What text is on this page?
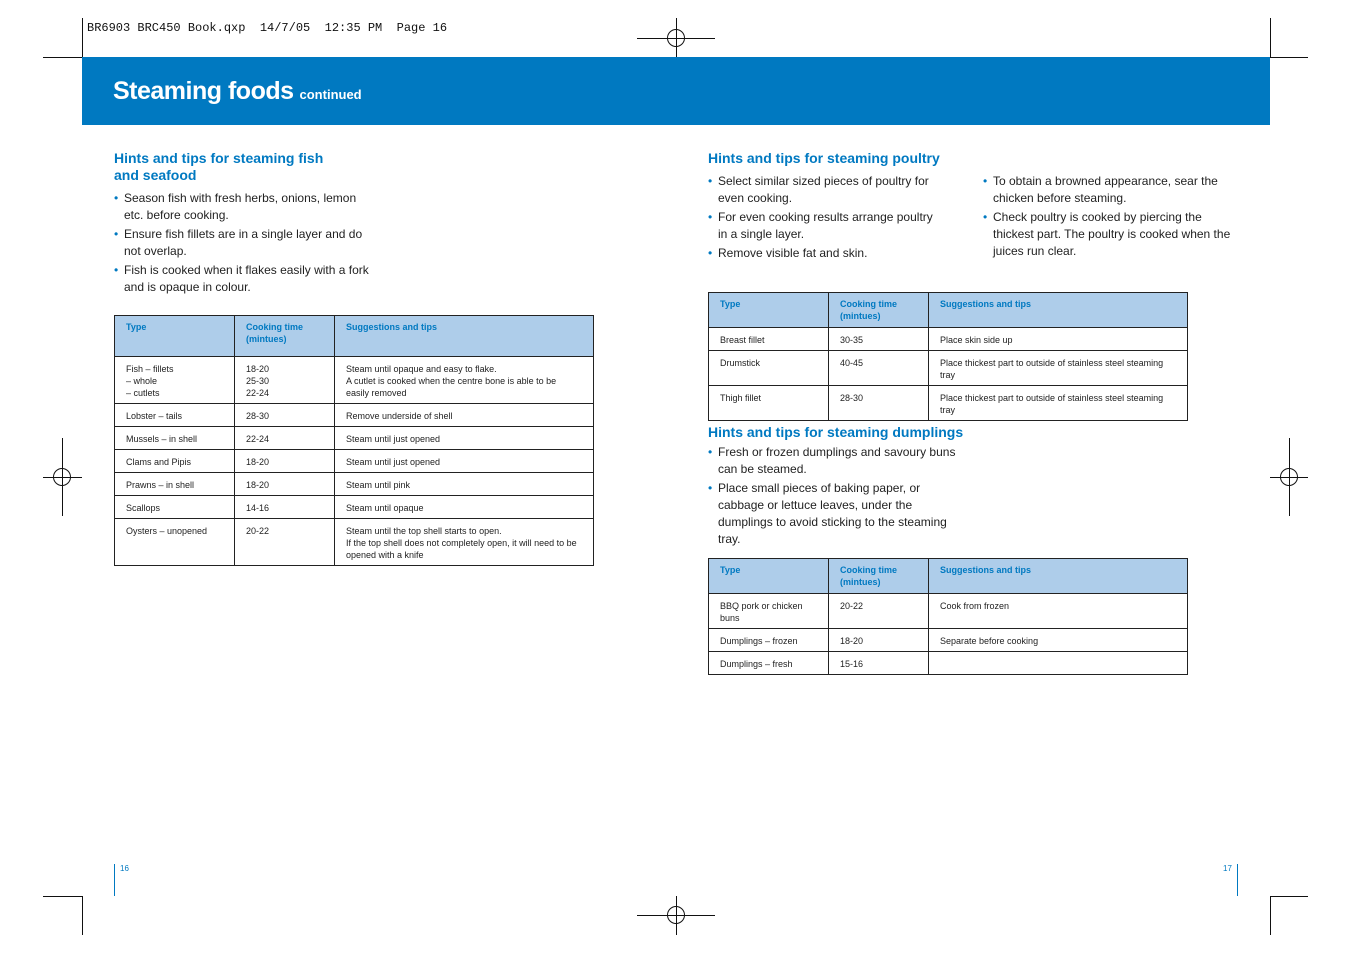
BR6903 BRC450 Book.qxp  14/7/05  12:35 PM  Page 16
Steaming foods continued
Hints and tips for steaming fish
and seafood
• Season fish with fresh herbs, onions, lemon etc. before cooking.
• Ensure fish fillets are in a single layer and do not overlap.
• Fish is cooked when it flakes easily with a fork and is opaque in colour.
Type	Cooking time
(mintues)	Suggestions and tips
Fish – fillets
– whole
– cutlets	18-20
25-30
22-24	Steam until opaque and easy to flake.
A cutlet is cooked when the centre bone is able to be
easily removed
Lobster – tails	28-30	Remove underside of shell
Mussels – in shell	22-24	Steam until just opened
Clams and Pipis	18-20	Steam until just opened
Prawns – in shell	18-20	Steam until pink
Scallops	14-16	Steam until opaque
Oysters – unopened	20-22	Steam until the top shell starts to open.
If the top shell does not completely open, it will need to be
opened with a knife
Hints and tips for steaming poultry
• Select similar sized pieces of poultry for even cooking.
• For even cooking results arrange poultry in a single layer.
• Remove visible fat and skin.
• To obtain a browned appearance, sear the chicken before steaming.
• Check poultry is cooked by piercing the thickest part. The poultry is cooked when the juices run clear.
Type	Cooking time
(mintues)	Suggestions and tips
Breast fillet	30-35	Place skin side up
Drumstick	40-45	Place thickest part to outside of stainless steel steaming tray
Thigh fillet	28-30	Place thickest part to outside of stainless steel steaming tray
Hints and tips for steaming dumplings
• Fresh or frozen dumplings and savoury buns can be steamed.
• Place small pieces of baking paper, or cabbage or lettuce leaves, under the dumplings to avoid sticking to the steaming tray.
Type	Cooking time
(mintues)	Suggestions and tips
BBQ pork or chicken buns	20-22	Cook from frozen
Dumplings – frozen	18-20	Separate before cooking
Dumplings – fresh	15-16	
16	17
